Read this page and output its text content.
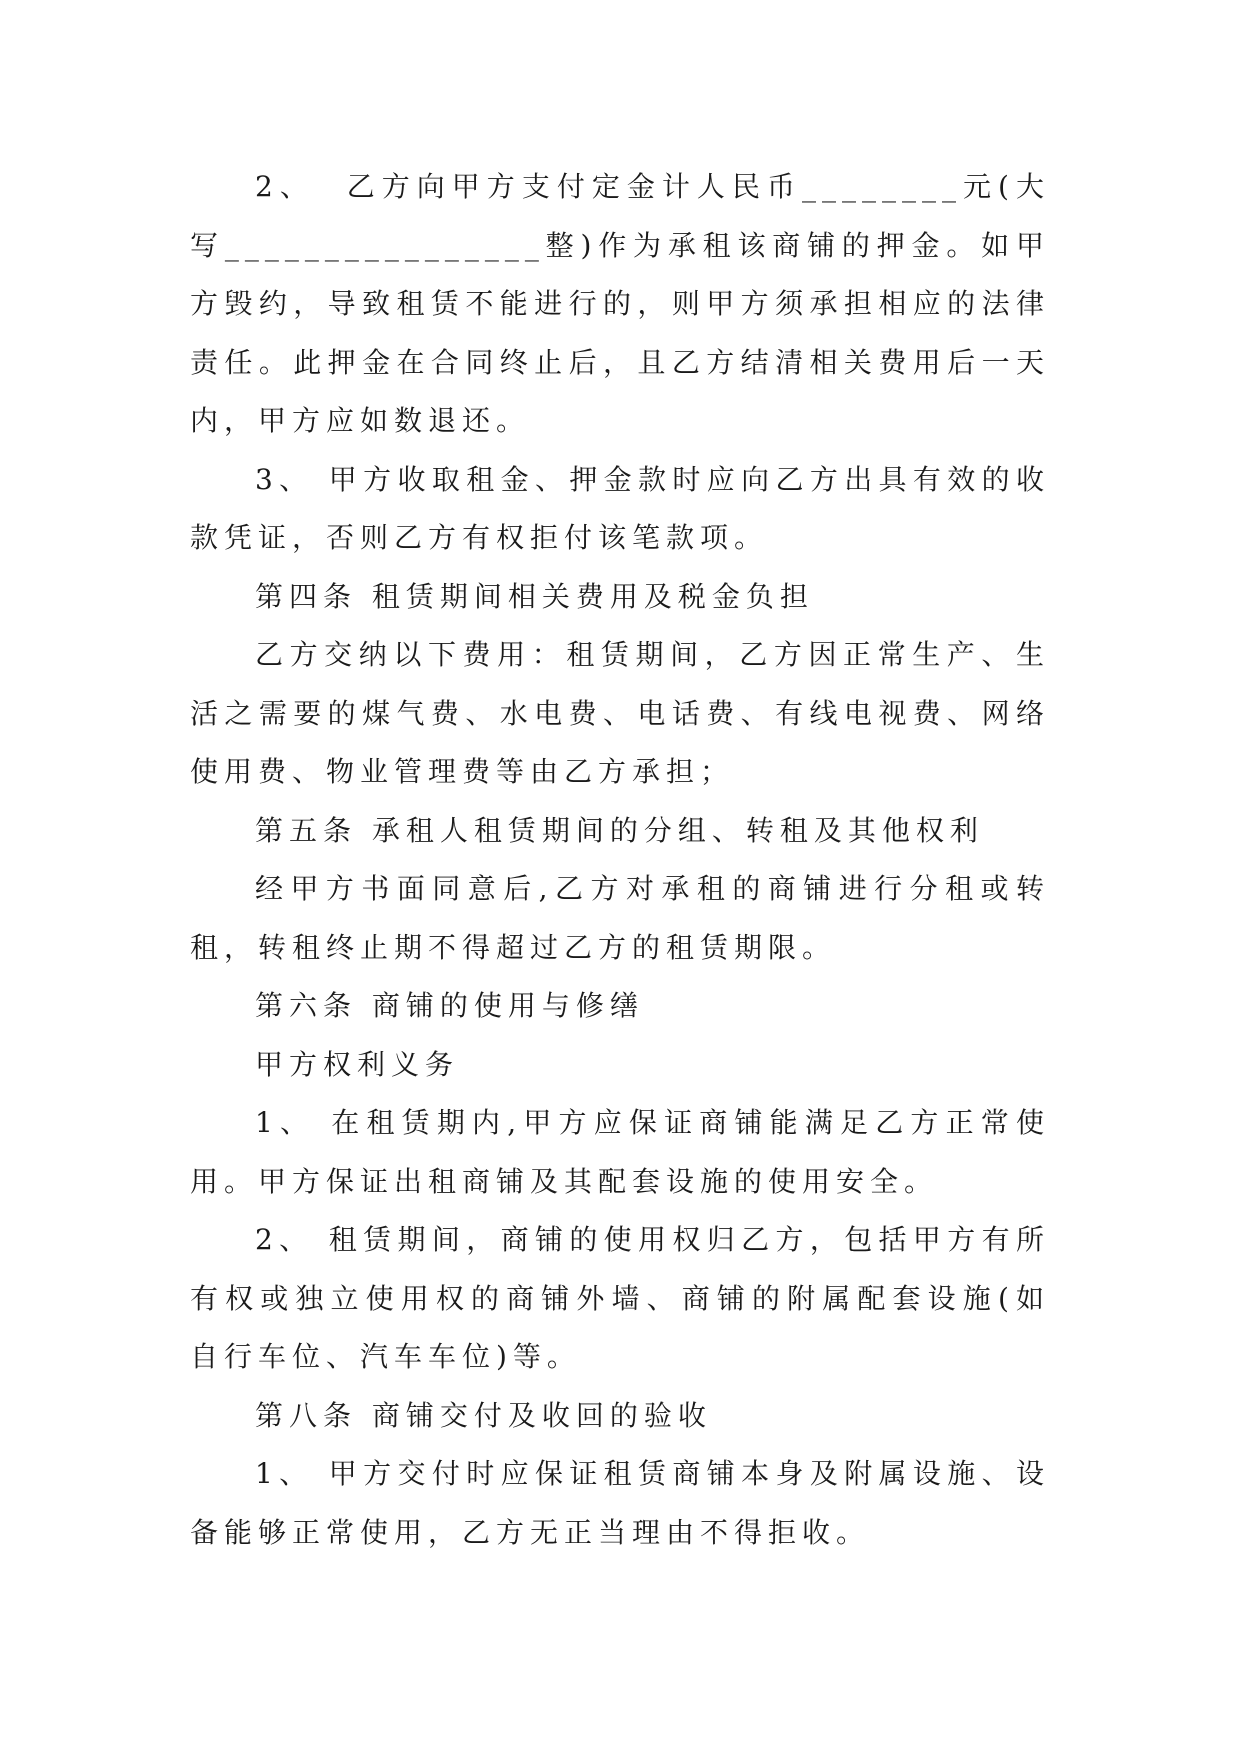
2、  乙方向甲方支付定金计人民币________元(大写________________整)作为承租该商铺的押金。如甲方毁约，导致租赁不能进行的，则甲方须承担相应的法律责任。此押金在合同终止后，且乙方结清相关费用后一天内，甲方应如数退还。

3、 甲方收取租金、押金款时应向乙方出具有效的收款凭证，否则乙方有权拒付该笔款项。

第四条 租赁期间相关费用及税金负担

乙方交纳以下费用：租赁期间，乙方因正常生产、生活之需要的煤气费、水电费、电话费、有线电视费、网络使用费、物业管理费等由乙方承担；

第五条 承租人租赁期间的分组、转租及其他权利

经甲方书面同意后,乙方对承租的商铺进行分租或转租，转租终止期不得超过乙方的租赁期限。

第六条 商铺的使用与修缮

甲方权利义务

1、 在租赁期内,甲方应保证商铺能满足乙方正常使用。甲方保证出租商铺及其配套设施的使用安全。

2、 租赁期间，商铺的使用权归乙方，包括甲方有所有权或独立使用权的商铺外墙、商铺的附属配套设施(如自行车位、汽车车位)等。

第八条 商铺交付及收回的验收

1、 甲方交付时应保证租赁商铺本身及附属设施、设备能够正常使用，乙方无正当理由不得拒收。
